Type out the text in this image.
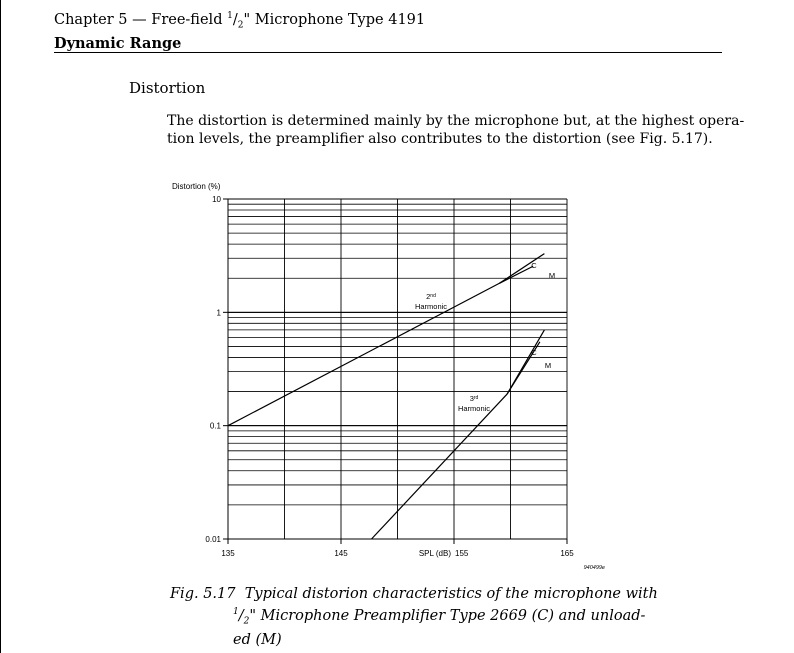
Chapter 5 — Free-field $^1/_2$" Microphone Type 4191
Dynamic Range
Distortion
The distortion is determined mainly by the microphone but, at the highest opera-
tion levels, the preamplifier also contributes to the distortion (see Fig. 5.17).
0.01
0.1
1
10
135	145	165
SPL (dB) 155
Distortion (%)
940499e
2nd
Harmonic
3rd
Harmonic
C
M
C
M
Fig. 5.17 Typical distorion characteristics of the microphone with
$^1/_2$" Microphone Preamplifier Type 2669 (C) and unload-
ed (M)
